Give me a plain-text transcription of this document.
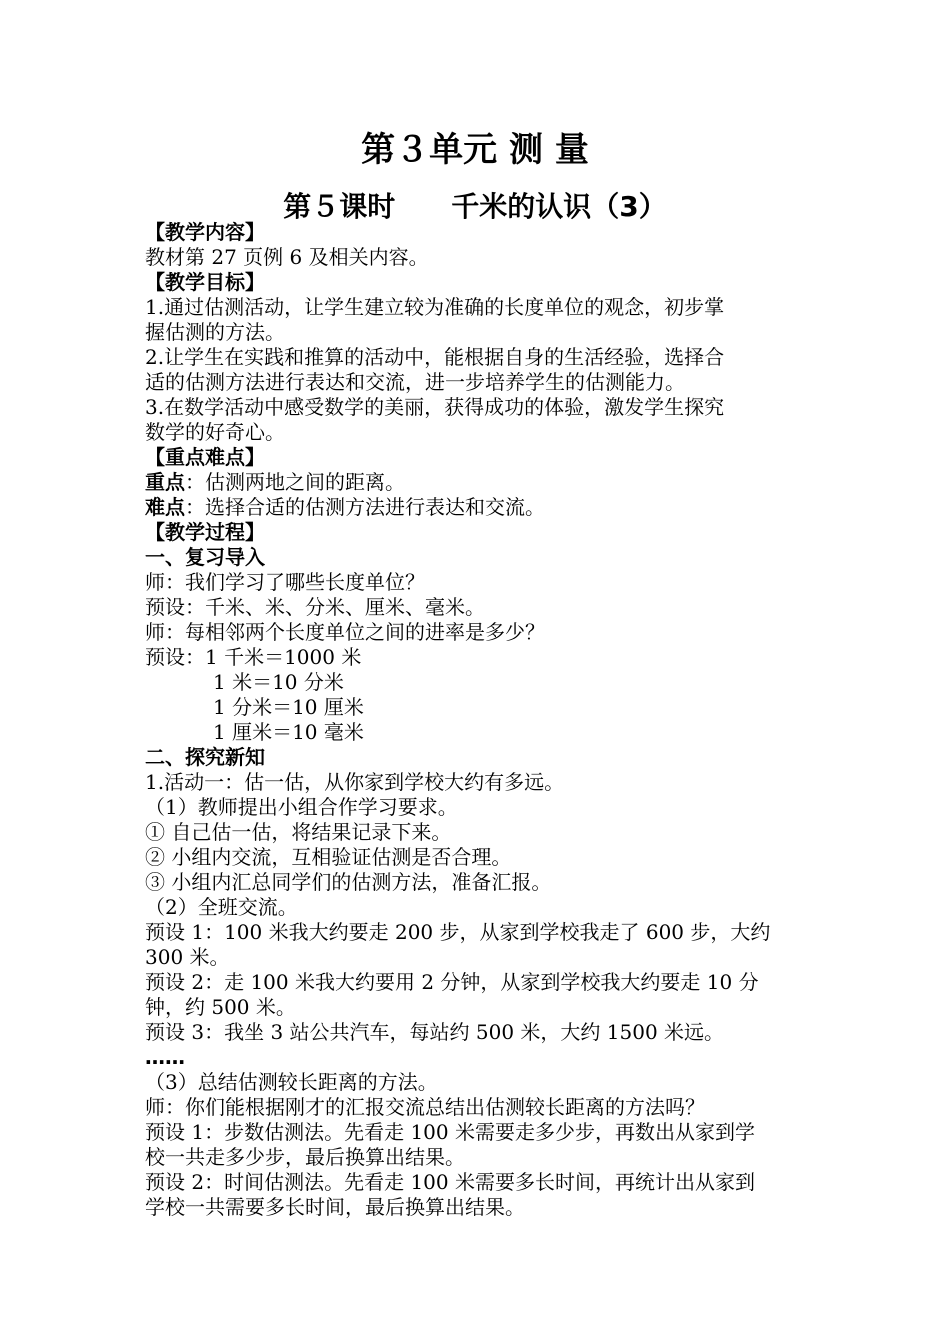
第３单元 测 量
第５课时　　千米的认识（3）
【教学内容】
教材第 27 页例 6 及相关内容。
【教学目标】
1.通过估测活动，让学生建立较为准确的长度单位的观念，初步掌
握估测的方法。
2.让学生在实践和推算的活动中，能根据自身的生活经验，选择合
适的估测方法进行表达和交流，进一步培养学生的估测能力。
3.在数学活动中感受数学的美丽，获得成功的体验，激发学生探究
数学的好奇心。
【重点难点】
重点：估测两地之间的距离。
难点：选择合适的估测方法进行表达和交流。
【教学过程】
一、复习导入
师：我们学习了哪些长度单位？
预设：千米、米、分米、厘米、毫米。
师：每相邻两个长度单位之间的进率是多少？
预设：1 千米＝1000 米
1 米＝10 分米
1 分米＝10 厘米
1 厘米＝10 毫米
二、探究新知
1.活动一：估一估，从你家到学校大约有多远。
（1）教师提出小组合作学习要求。
① 自己估一估，将结果记录下来。
② 小组内交流，互相验证估测是否合理。
③ 小组内汇总同学们的估测方法，准备汇报。
（2）全班交流。
预设 1：100 米我大约要走 200 步，从家到学校我走了 600 步，大约
300 米。
预设 2：走 100 米我大约要用 2 分钟，从家到学校我大约要走 10 分
钟，约 500 米。
预设 3：我坐 3 站公共汽车，每站约 500 米，大约 1500 米远。
……
（3）总结估测较长距离的方法。
师：你们能根据刚才的汇报交流总结出估测较长距离的方法吗？
预设 1：步数估测法。先看走 100 米需要走多少步，再数出从家到学
校一共走多少步，最后换算出结果。
预设 2：时间估测法。先看走 100 米需要多长时间，再统计出从家到
学校一共需要多长时间，最后换算出结果。
